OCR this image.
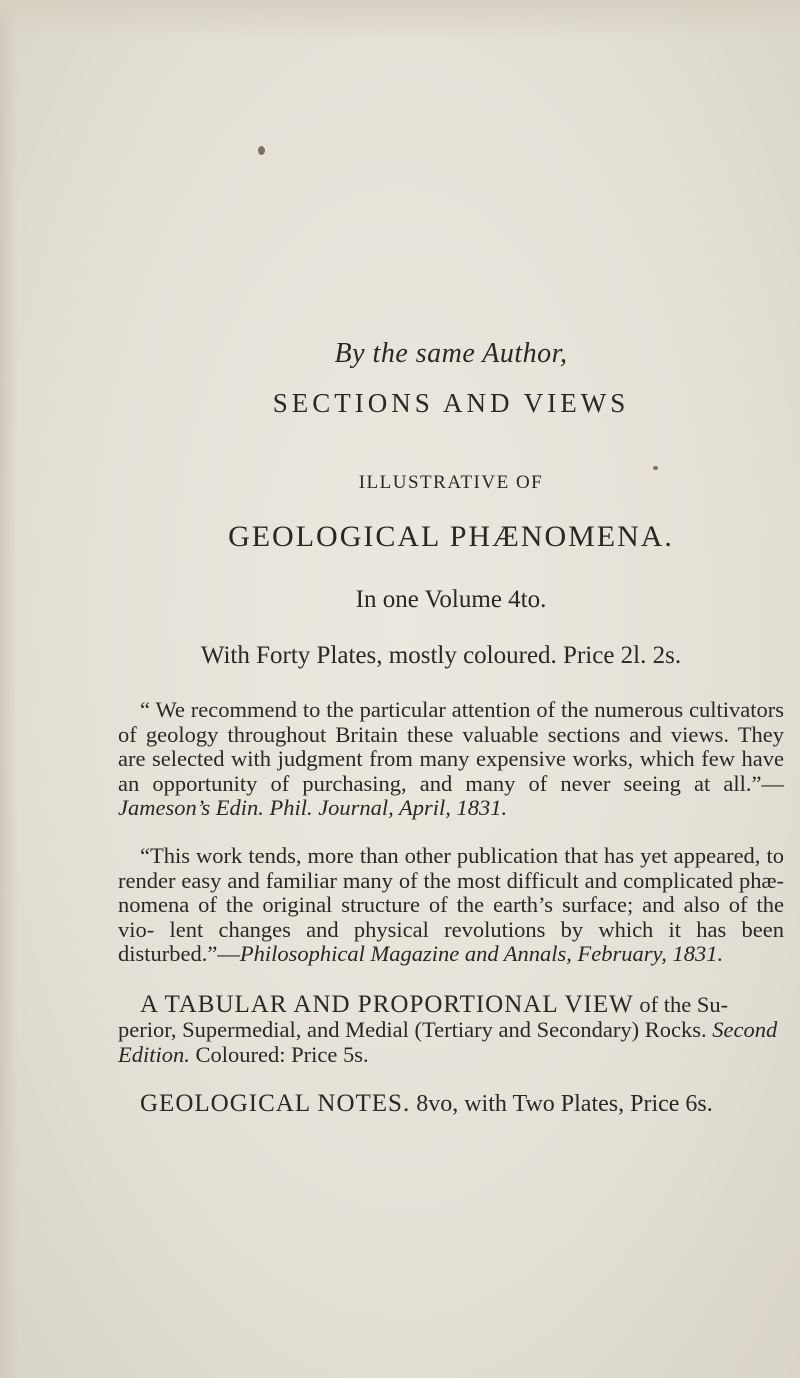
By the same Author,
SECTIONS AND VIEWS
ILLUSTRATIVE OF
GEOLOGICAL PHÆNOMENA.
In one Volume 4to.
With Forty Plates, mostly coloured. Price 2l. 2s.
“ We recommend to the particular attention of the numerous cultivators of geology throughout Britain these valuable sections and views. They are selected with judgment from many expensive works, which few have an opportunity of purchasing, and many of never seeing at all.”—Jameson’s Edin. Phil. Journal, April, 1831.
“This work tends, more than other publication that has yet appeared, to render easy and familiar many of the most difficult and complicated phæ- nomena of the original structure of the earth’s surface; and also of the vio- lent changes and physical revolutions by which it has been disturbed.”—Philosophical Magazine and Annals, February, 1831.
A TABULAR AND PROPORTIONAL VIEW of the Su- perior, Supermedial, and Medial (Tertiary and Secondary) Rocks. Second Edition. Coloured: Price 5s.
GEOLOGICAL NOTES. 8vo, with Two Plates, Price 6s.
